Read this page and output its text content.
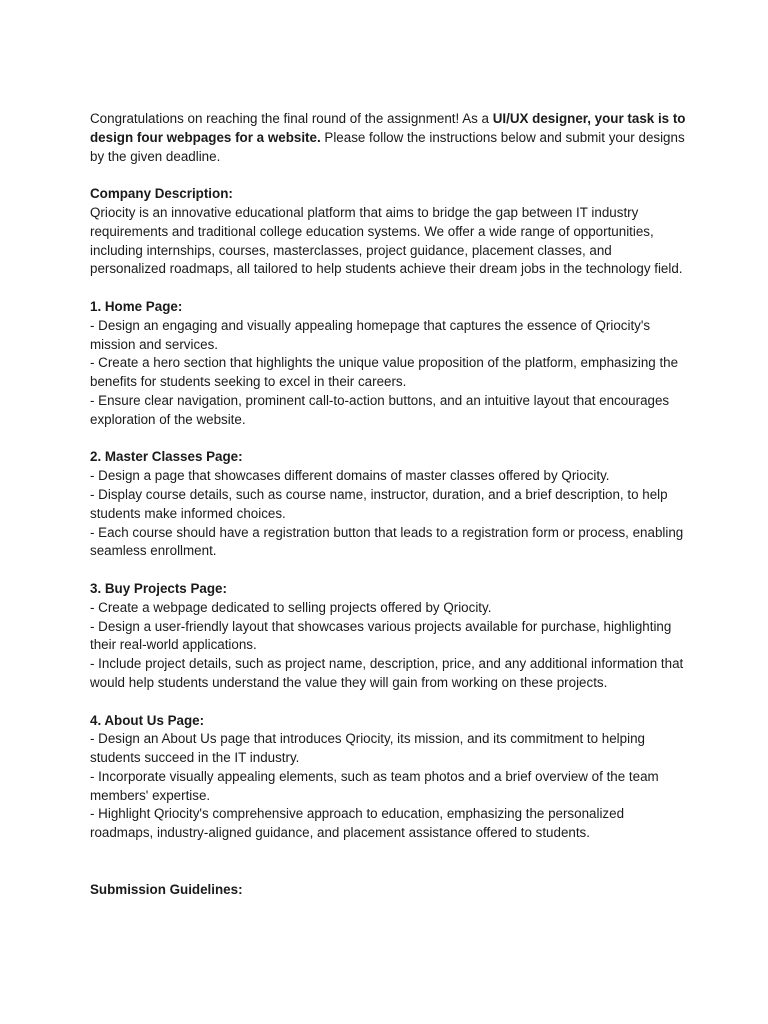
Congratulations on reaching the final round of the assignment! As a UI/UX designer, your task is to design four webpages for a website. Please follow the instructions below and submit your designs by the given deadline.

Company Description:

Qriocity is an innovative educational platform that aims to bridge the gap between IT industry requirements and traditional college education systems. We offer a wide range of opportunities, including internships, courses, masterclasses, project guidance, placement classes, and personalized roadmaps, all tailored to help students achieve their dream jobs in the technology field.

1. Home Page:

- Design an engaging and visually appealing homepage that captures the essence of Qriocity's mission and services.

- Create a hero section that highlights the unique value proposition of the platform, emphasizing the benefits for students seeking to excel in their careers.

- Ensure clear navigation, prominent call-to-action buttons, and an intuitive layout that encourages exploration of the website.

2. Master Classes Page:

- Design a page that showcases different domains of master classes offered by Qriocity.

- Display course details, such as course name, instructor, duration, and a brief description, to help students make informed choices.

- Each course should have a registration button that leads to a registration form or process, enabling seamless enrollment.

3. Buy Projects Page:

- Create a webpage dedicated to selling projects offered by Qriocity.

- Design a user-friendly layout that showcases various projects available for purchase, highlighting their real-world applications.

- Include project details, such as project name, description, price, and any additional information that would help students understand the value they will gain from working on these projects.

4. About Us Page:

- Design an About Us page that introduces Qriocity, its mission, and its commitment to helping students succeed in the IT industry.

- Incorporate visually appealing elements, such as team photos and a brief overview of the team members' expertise.

- Highlight Qriocity's comprehensive approach to education, emphasizing the personalized roadmaps, industry-aligned guidance, and placement assistance offered to students.

Submission Guidelines:
